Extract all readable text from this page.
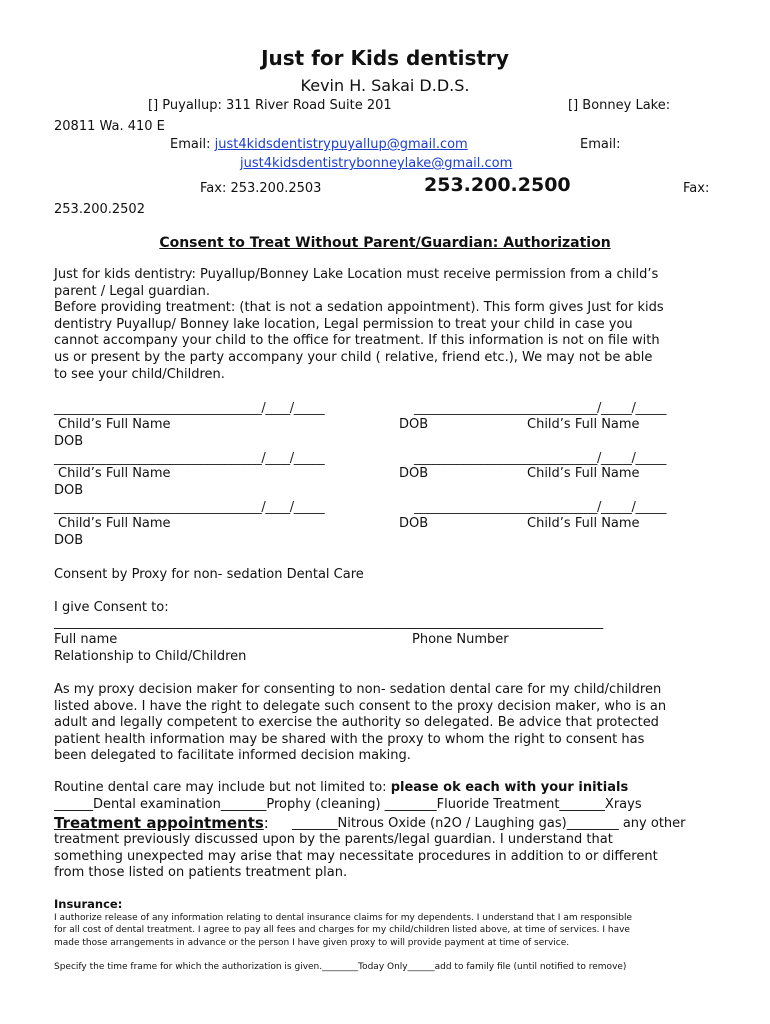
Just for Kids dentistry
Kevin H. Sakai D.D.S.
[] Puyallup: 311 River Road Suite 201	[] Bonney Lake:
20811 Wa. 410 E
Email: just4kidsdentistrypuyallup@gmail.com	Email:
just4kidsdentistrybonneylake@gmail.com
Fax: 253.200.2503	253.200.2500	Fax:
253.200.2502
Consent to Treat Without Parent/Guardian: Authorization
Just for kids dentistry: Puyallup/Bonney Lake Location must receive permission from a child’s
parent / Legal guardian.
Before providing treatment: (that is not a sedation appointment). This form gives Just for kids
dentistry Puyallup/ Bonney lake location, Legal permission to treat your child in case you
cannot accompany your child to the office for treatment. If this information is not on file with
us or present by the party accompany your child ( relative, friend etc.), We may not be able
to see your child/Children.
__________________________________/____/_____	______________________________/_____/_____
Child’s Full Name	DOB	Child’s Full Name
DOB
__________________________________/____/_____	______________________________/_____/_____
Child’s Full Name	DOB	Child’s Full Name
DOB
__________________________________/____/_____	______________________________/_____/_____
Child’s Full Name	DOB	Child’s Full Name
DOB
Consent by Proxy for non- sedation Dental Care
I give Consent to:
_____________________________________________________________________________________________
Full name	Phone Number
Relationship to Child/Children
As my proxy decision maker for consenting to non- sedation dental care for my child/children
listed above. I have the right to delegate such consent to the proxy decision maker, who is an
adult and legally competent to exercise the authority so delegated. Be advice that protected
patient health information may be shared with the proxy to whom the right to consent has
been delegated to facilitate informed decision making.
Routine dental care may include but not limited to: please ok each with your initials
______Dental examination_______Prophy (cleaning) ________Fluoride Treatment_______Xrays
Treatment appointments: _______Nitrous Oxide (n2O / Laughing gas)________ any other
treatment previously discussed upon by the parents/legal guardian. I understand that
something unexpected may arise that may necessitate procedures in addition to or different
from those listed on patients treatment plan.
Insurance:
I authorize release of any information relating to dental insurance claims for my dependents. I understand that I am responsible
for all cost of dental treatment. I agree to pay all fees and charges for my child/children listed above, at time of services. I have
made those arrangements in advance or the person I have given proxy to will provide payment at time of service.
Specify the time frame for which the authorization is given.________Today Only______add to family file (until notified to remove)
